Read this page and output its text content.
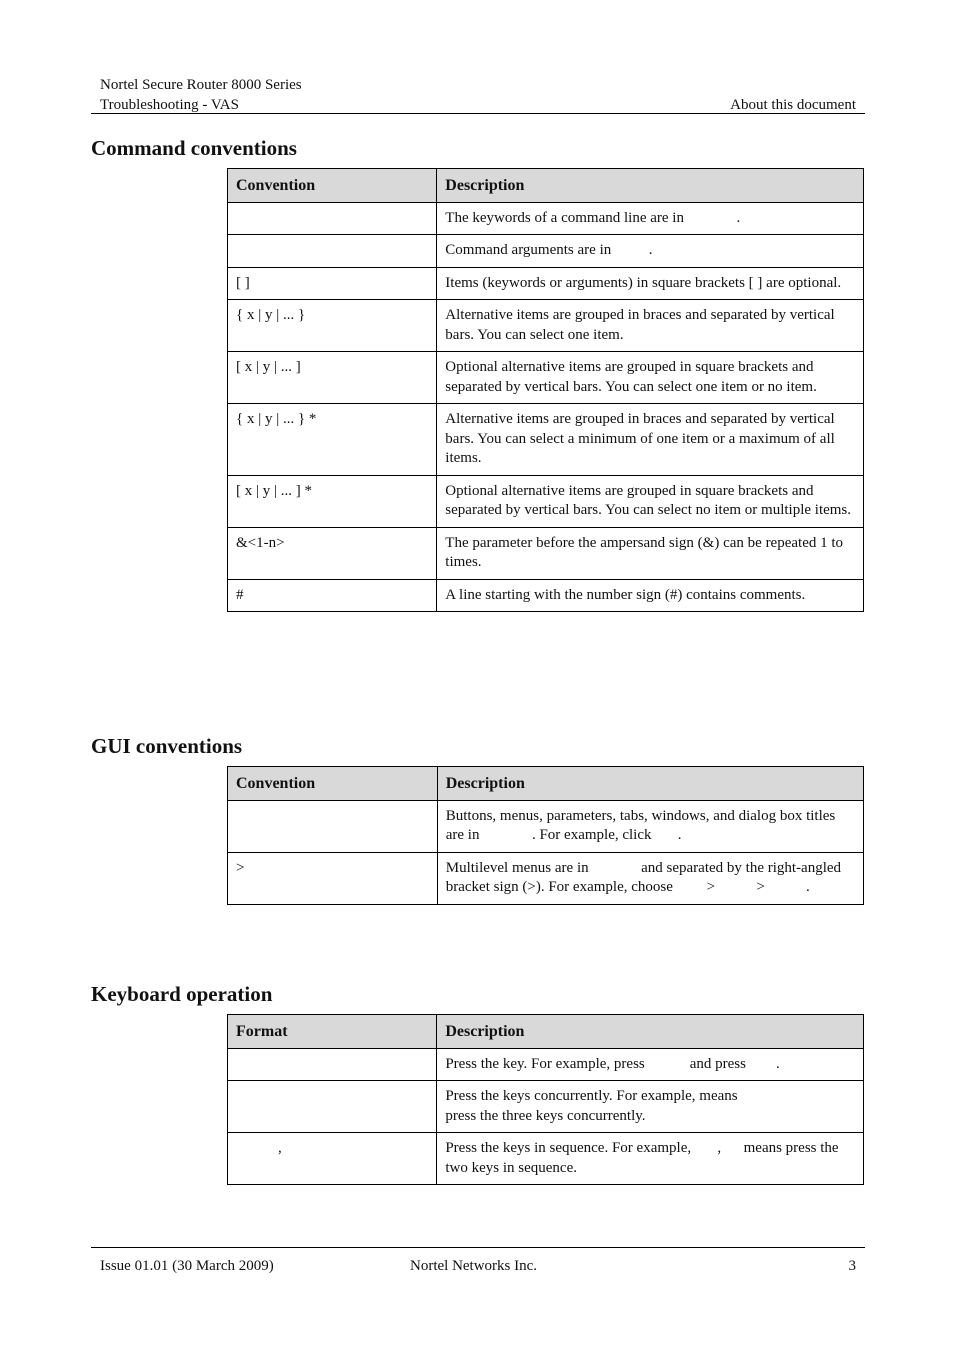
Nortel Secure Router 8000 Series
Troubleshooting - VAS	About this document
Command conventions
Convention	Description
	The keywords of a command line are in              .
	Command arguments are in          .
[ ]	Items (keywords or arguments) in square brackets [ ] are optional.
{ x | y | ... }	Alternative items are grouped in braces and separated by vertical bars. You can select one item.
[ x | y | ... ]	Optional alternative items are grouped in square brackets and separated by vertical bars. You can select one item or no item.
{ x | y | ... } *	Alternative items are grouped in braces and separated by vertical bars. You can select a minimum of one item or a maximum of all items.
[ x | y | ... ] *	Optional alternative items are grouped in square brackets and separated by vertical bars. You can select no item or multiple items.
&<1-n>	The parameter before the ampersand sign (&) can be repeated 1 to    times.
#	A line starting with the number sign (#) contains comments.
GUI conventions
Convention	Description
	Buttons, menus, parameters, tabs, windows, and dialog box titles are in              . For example, click       .
>	Multilevel menus are in              and separated by the right-angled bracket sign (>). For example, choose         >           >           .
Keyboard operation
Format	Description
	Press the key. For example, press            and press        .
	Press the keys concurrently. For example, means press the three keys concurrently.
,	Press the keys in sequence. For example,       ,      means press the two keys in sequence.
Issue 01.01 (30 March 2009)	Nortel Networks Inc.	3
